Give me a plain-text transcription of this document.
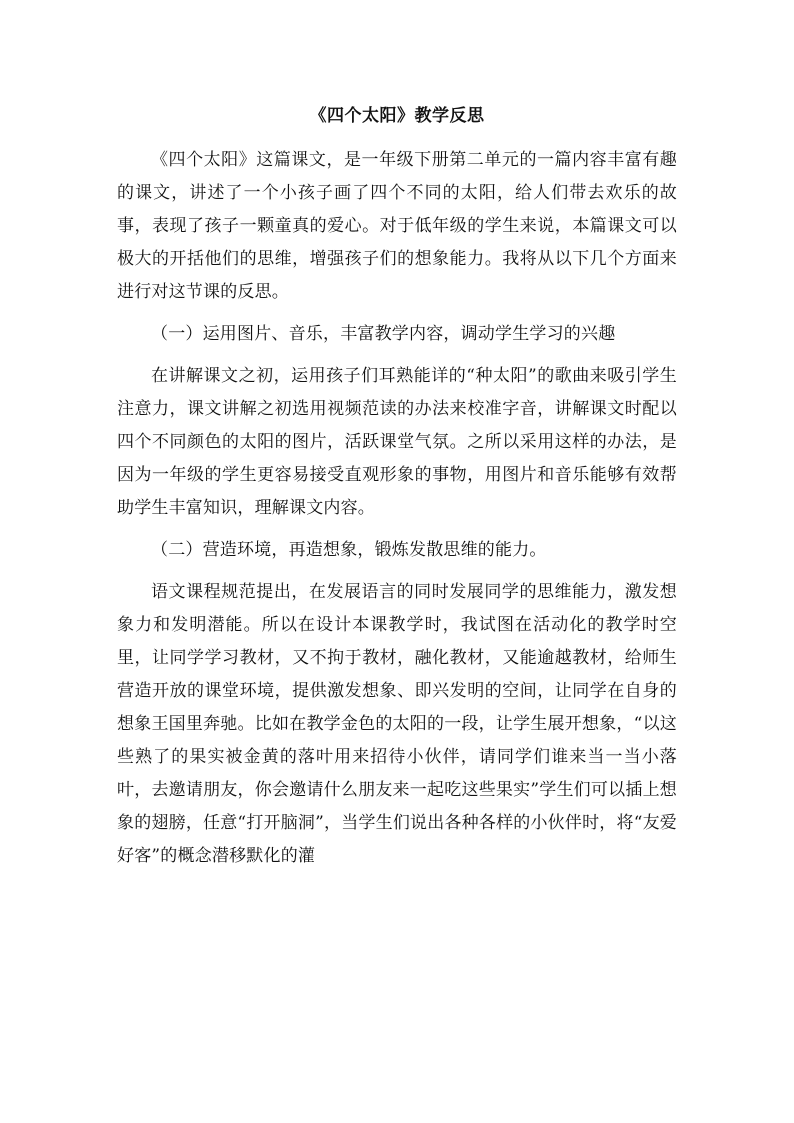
《四个太阳》教学反思

《四个太阳》这篇课文，是一年级下册第二单元的一篇内容丰富有趣的课文，讲述了一个小孩子画了四个不同的太阳，给人们带去欢乐的故事，表现了孩子一颗童真的爱心。对于低年级的学生来说，本篇课文可以极大的开括他们的思维，增强孩子们的想象能力。我将从以下几个方面来进行对这节课的反思。

（一）运用图片、音乐，丰富教学内容，调动学生学习的兴趣

在讲解课文之初，运用孩子们耳熟能详的“种太阳”的歌曲来吸引学生注意力，课文讲解之初选用视频范读的办法来校准字音，讲解课文时配以四个不同颜色的太阳的图片，活跃课堂气氛。之所以采用这样的办法，是因为一年级的学生更容易接受直观形象的事物，用图片和音乐能够有效帮助学生丰富知识，理解课文内容。

（二）营造环境，再造想象，锻炼发散思维的能力。

语文课程规范提出，在发展语言的同时发展同学的思维能力，激发想象力和发明潜能。所以在设计本课教学时，我试图在活动化的教学时空里，让同学学习教材，又不拘于教材，融化教材，又能逾越教材，给师生营造开放的课堂环境，提供激发想象、即兴发明的空间，让同学在自身的想象王国里奔驰。比如在教学金色的太阳的一段，让学生展开想象，“以这些熟了的果实被金黄的落叶用来招待小伙伴，请同学们谁来当一当小落叶，去邀请朋友，你会邀请什么朋友来一起吃这些果实”学生们可以插上想象的翅膀，任意“打开脑洞”，当学生们说出各种各样的小伙伴时，将“友爱好客”的概念潜移默化的灌
